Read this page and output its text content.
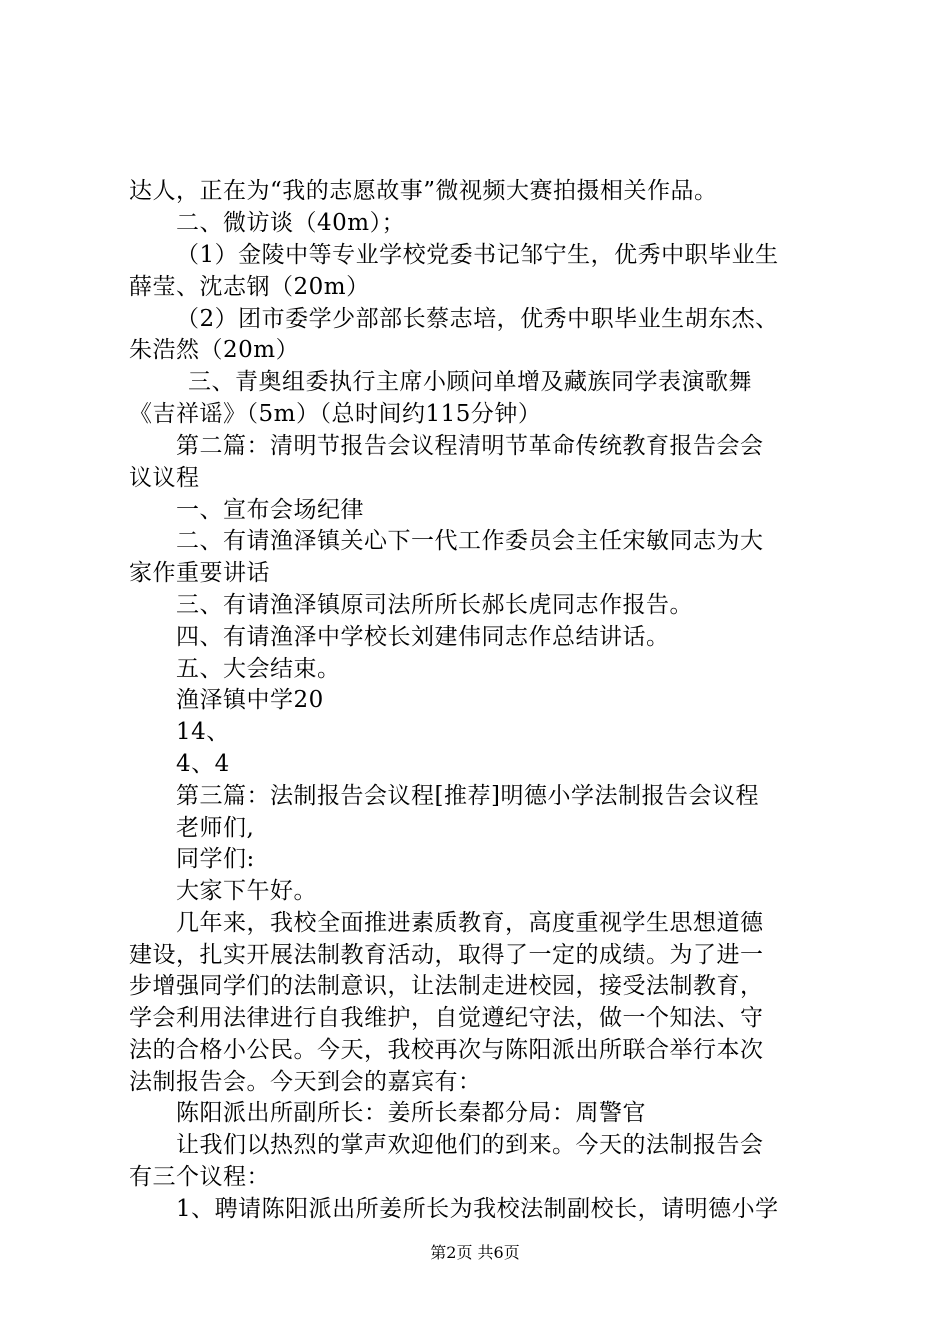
达人，正在为“我的志愿故事”微视频大赛拍摄相关作品。
二、微访谈（40m）；
（1）金陵中等专业学校党委书记邹宁生，优秀中职毕业生
薛莹、沈志钢（20m）
（2）团市委学少部部长蔡志培，优秀中职毕业生胡东杰、
朱浩然（20m）
三、青奥组委执行主席小顾问单增及藏族同学表演歌舞
《吉祥谣》（5m）（总时间约115分钟）
第二篇：清明节报告会议程清明节革命传统教育报告会会
议议程
一、宣布会场纪律
二、有请渔泽镇关心下一代工作委员会主任宋敏同志为大
家作重要讲话
三、有请渔泽镇原司法所所长郝长虎同志作报告。
四、有请渔泽中学校长刘建伟同志作总结讲话。
五、大会结束。
渔泽镇中学20
14、
4、4
第三篇：法制报告会议程[推荐]明德小学法制报告会议程
老师们,
同学们:
大家下午好。
几年来，我校全面推进素质教育，高度重视学生思想道德
建设，扎实开展法制教育活动，取得了一定的成绩。为了进一
步增强同学们的法制意识，让法制走进校园，接受法制教育，
学会利用法律进行自我维护，自觉遵纪守法，做一个知法、守
法的合格小公民。今天，我校再次与陈阳派出所联合举行本次
法制报告会。今天到会的嘉宾有：
陈阳派出所副所长：姜所长秦都分局：周警官
让我们以热烈的掌声欢迎他们的到来。今天的法制报告会
有三个议程：
1、聘请陈阳派出所姜所长为我校法制副校长，请明德小学
第2页 共6页
